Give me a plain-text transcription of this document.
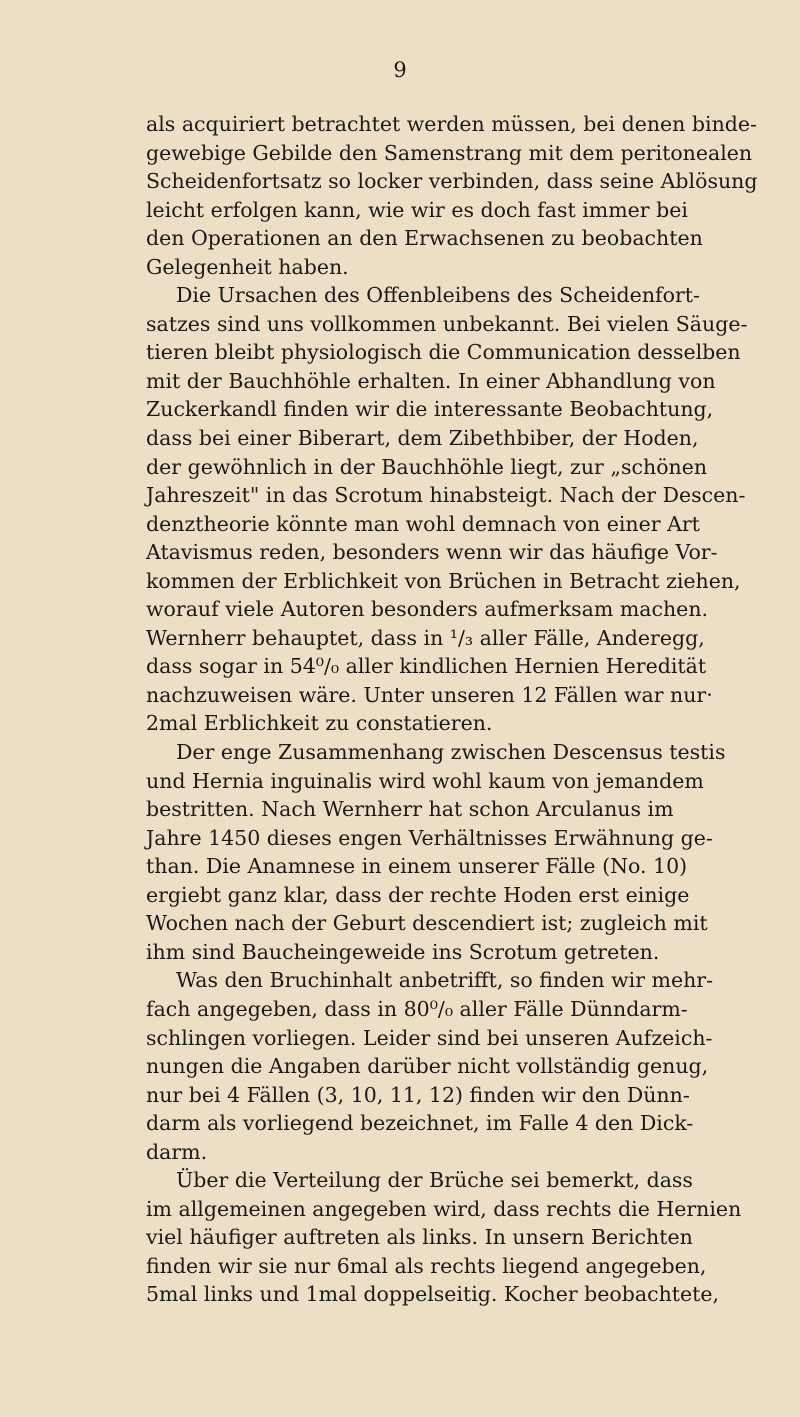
9
als acquiriert betrachtet werden müssen, bei denen binde-
gewebige Gebilde den Samenstrang mit dem peritonealen
Scheidenfortsatz so locker verbinden, dass seine Ablösung
leicht erfolgen kann, wie wir es doch fast immer bei
den Operationen an den Erwachsenen zu beobachten
Gelegenheit haben.
Die Ursachen des Offenbleibens des Scheidenfort-
satzes sind uns vollkommen unbekannt. Bei vielen Säuge-
tieren bleibt physiologisch die Communication desselben
mit der Bauchhöhle erhalten. In einer Abhandlung von
Zuckerkandl finden wir die interessante Beobachtung,
dass bei einer Biberart, dem Zibethbiber, der Hoden,
der gewöhnlich in der Bauchhöhle liegt, zur „schönen
Jahreszeit" in das Scrotum hinabsteigt. Nach der Descen-
denztheorie könnte man wohl demnach von einer Art
Atavismus reden, besonders wenn wir das häufige Vor-
kommen der Erblichkeit von Brüchen in Betracht ziehen,
worauf viele Autoren besonders aufmerksam machen.
Wernherr behauptet, dass in ¹/₃ aller Fälle, Anderegg,
dass sogar in 54⁰/₀ aller kindlichen Hernien Heredität
nachzuweisen wäre. Unter unseren 12 Fällen war nur·
2mal Erblichkeit zu constatieren.
Der enge Zusammenhang zwischen Descensus testis
und Hernia inguinalis wird wohl kaum von jemandem
bestritten. Nach Wernherr hat schon Arculanus im
Jahre 1450 dieses engen Verhältnisses Erwähnung ge-
than. Die Anamnese in einem unserer Fälle (No. 10)
ergiebt ganz klar, dass der rechte Hoden erst einige
Wochen nach der Geburt descendiert ist; zugleich mit
ihm sind Baucheingeweide ins Scrotum getreten.
Was den Bruchinhalt anbetrifft, so finden wir mehr-
fach angegeben, dass in 80⁰/₀ aller Fälle Dünndarm-
schlingen vorliegen. Leider sind bei unseren Aufzeich-
nungen die Angaben darüber nicht vollständig genug,
nur bei 4 Fällen (3, 10, 11, 12) finden wir den Dünn-
darm als vorliegend bezeichnet, im Falle 4 den Dick-
darm.
Über die Verteilung der Brüche sei bemerkt, dass
im allgemeinen angegeben wird, dass rechts die Hernien
viel häufiger auftreten als links. In unsern Berichten
finden wir sie nur 6mal als rechts liegend angegeben,
5mal links und 1mal doppelseitig. Kocher beobachtete,
